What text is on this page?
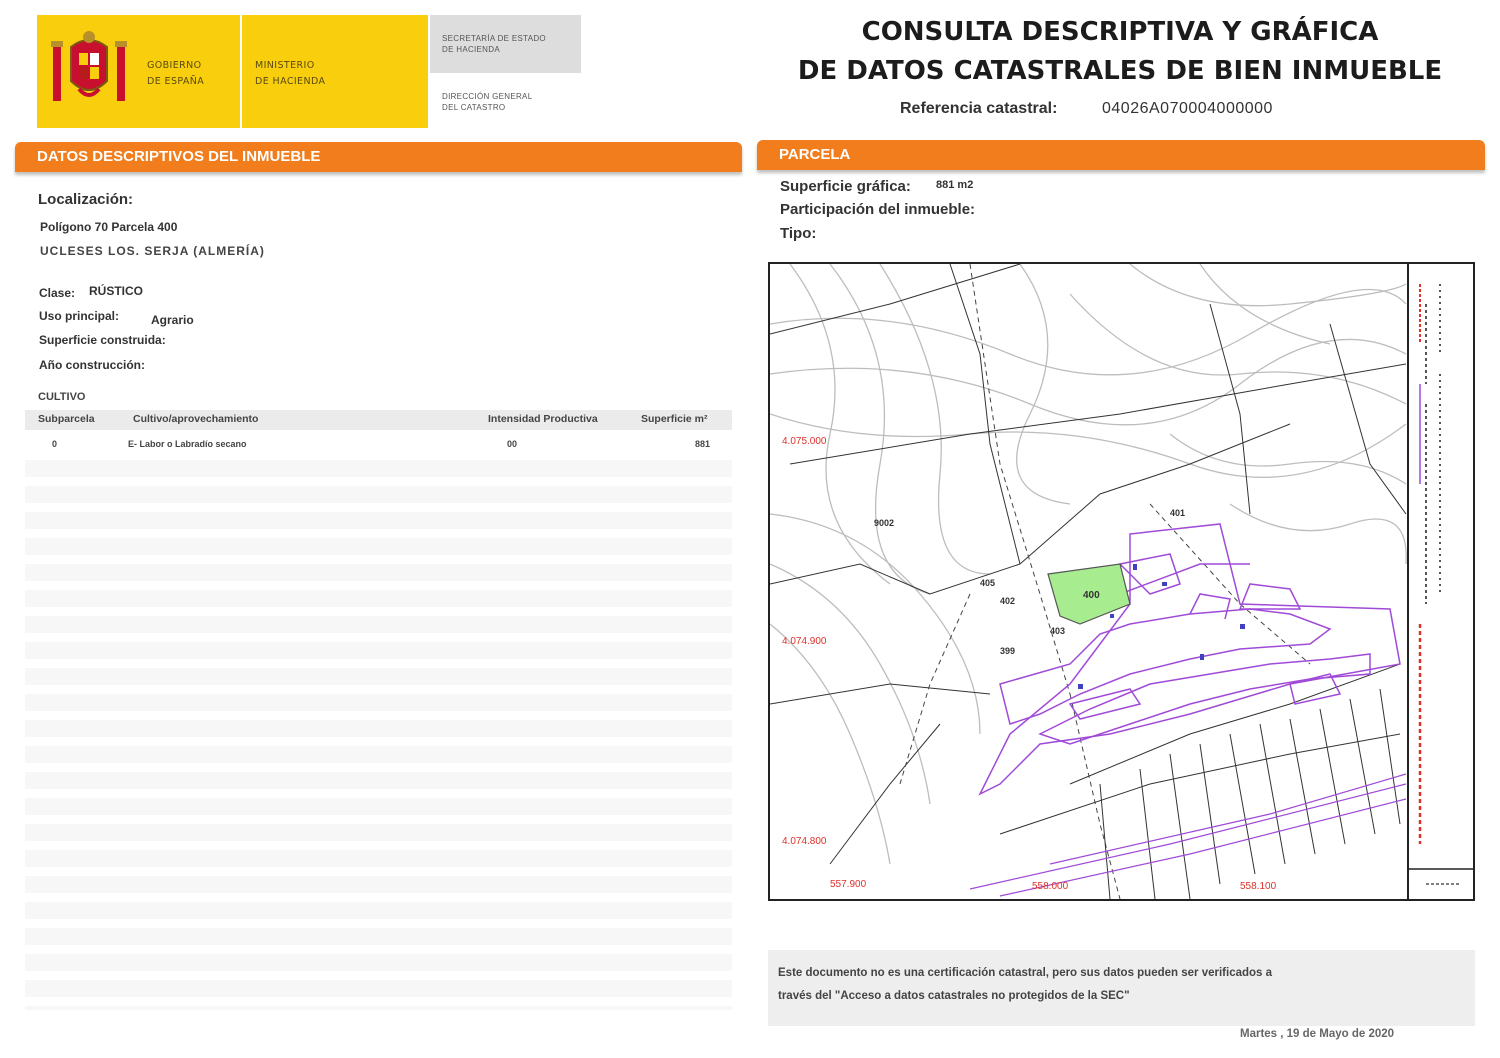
GOBIERNO
DE ESPAÑA
MINISTERIO
DE HACIENDA
SECRETARÍA DE ESTADO
DE HACIENDA
DIRECCIÓN GENERAL
DEL CATASTRO
CONSULTA DESCRIPTIVA Y GRÁFICA
DE DATOS CATASTRALES DE BIEN INMUEBLE
Referencia catastral:	04026A070004000000
DATOS DESCRIPTIVOS DEL INMUEBLE	PARCELA
Localización:
Polígono 70 Parcela 400
UCLESES LOS. SERJA (ALMERÍA)
Clase: RÚSTICO
Uso principal:	Agrario
Superficie construida:
Año construcción:
CULTIVO
Subparcela	Cultivo/aprovechamiento	Intensidad Productiva	Superficie m²
0	E- Labor o Labradío secano	00	881
Superficie gráfica: 881 m2
Participación del inmueble:
Tipo:
400
401
402
403
399
405
9002
4.075.000
4.074.900
4.074.800
557.900	558.000	558.100
Este documento no es una certificación catastral, pero sus datos pueden ser verificados a
través del "Acceso a datos catastrales no protegidos de la SEC"
Martes , 19 de Mayo de 2020
